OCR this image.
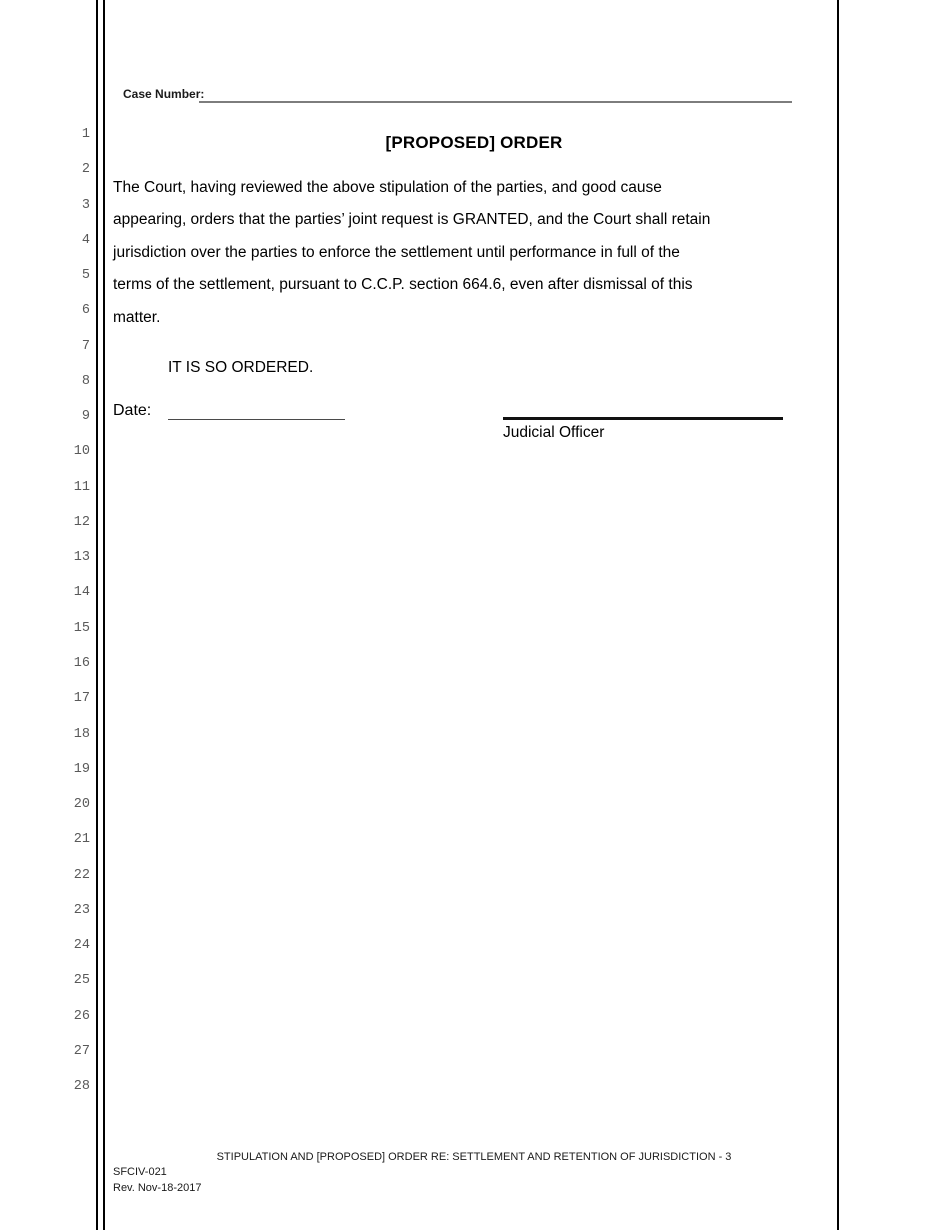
1
2
3
4
5
6
7
8
9
10
11
12
13
14
15
16
17
18
19
20
21
22
23
24
25
26
27
28
Case Number:
[PROPOSED] ORDER
The Court, having reviewed the above stipulation of the parties, and good cause
appearing, orders that the parties’ joint request is GRANTED, and the Court shall retain
jurisdiction over the parties to enforce the settlement until performance in full of the
terms of the settlement, pursuant to C.C.P. section 664.6, even after dismissal of this
matter.
IT IS SO ORDERED.
Date:
Judicial Officer
STIPULATION AND [PROPOSED] ORDER RE: SETTLEMENT AND RETENTION OF JURISDICTION - 3
SFCIV-021
Rev. Nov-18-2017
